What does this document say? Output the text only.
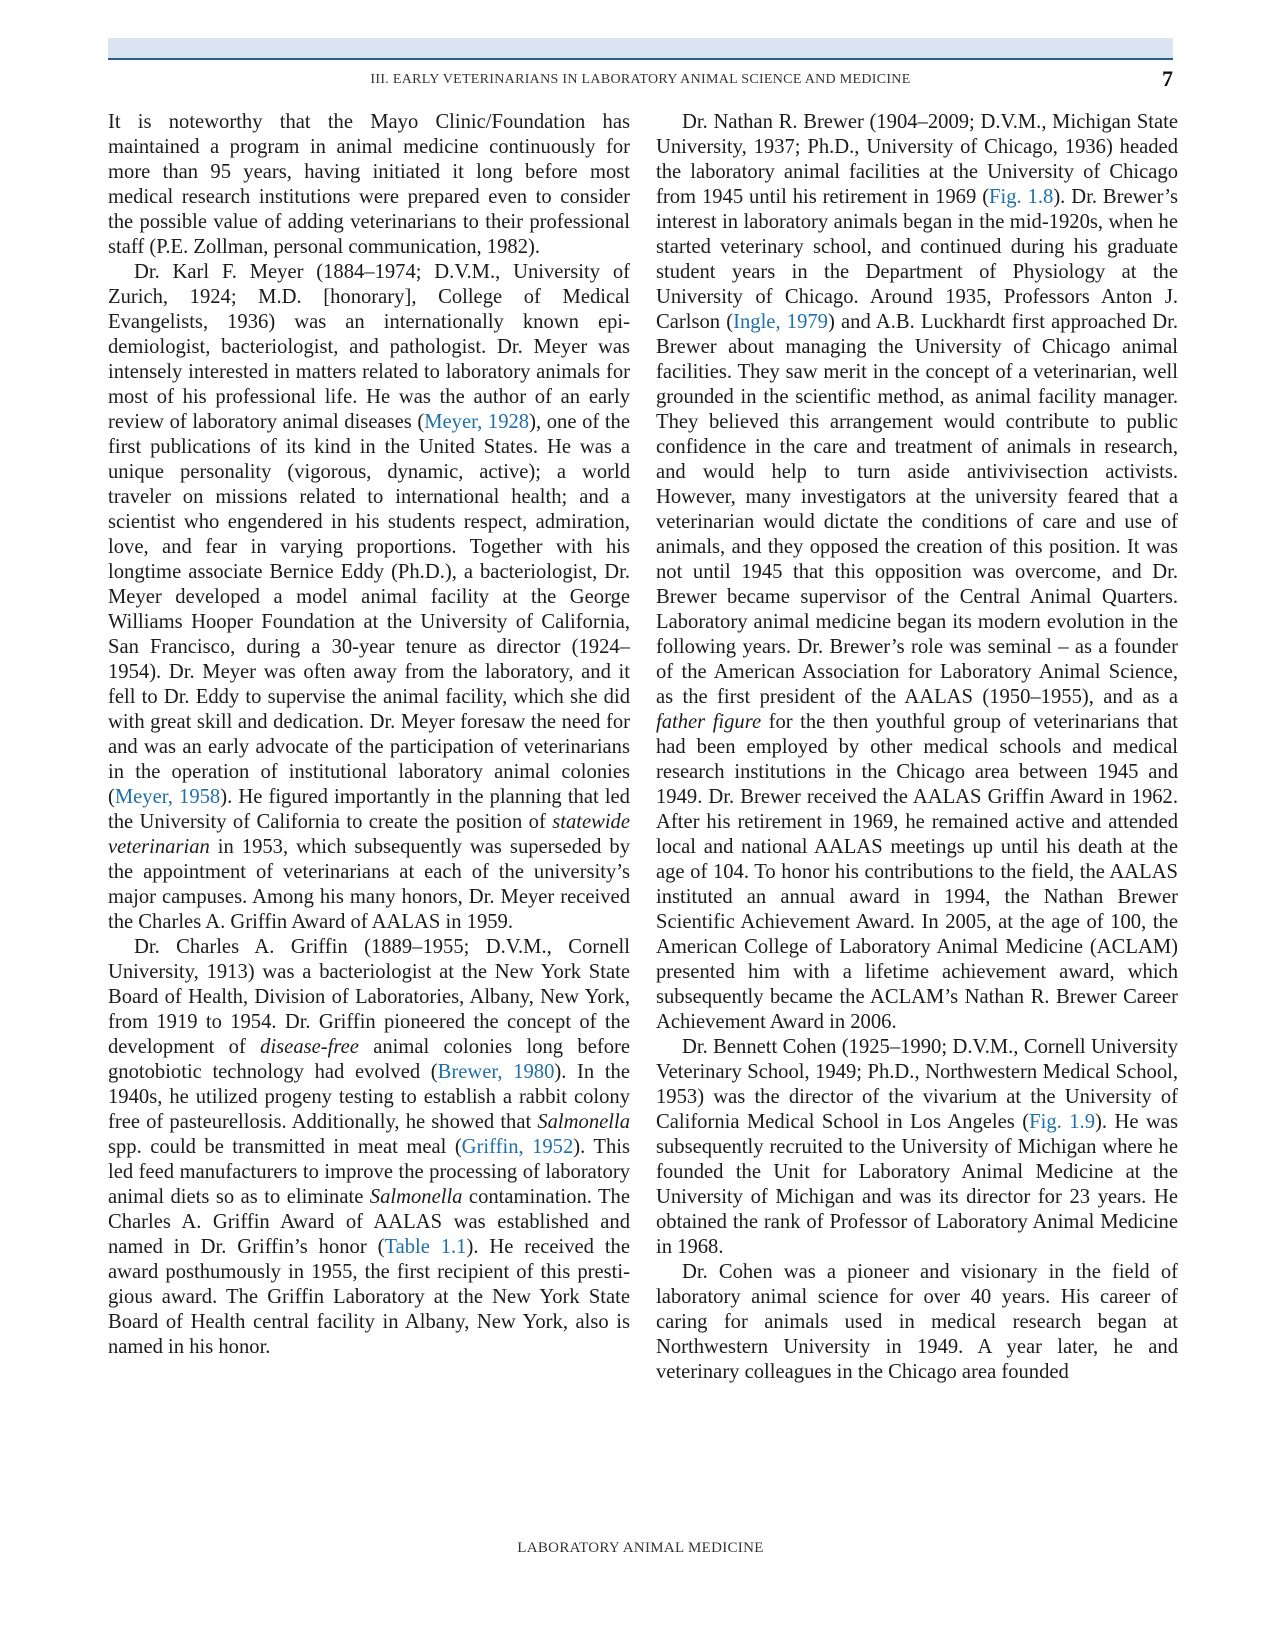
III. EARLY VETERINARIANS IN LABORATORY ANIMAL SCIENCE AND MEDICINE	7

It is noteworthy that the Mayo Clinic/Foundation has maintained a program in animal medicine continuously for more than 95 years, having initiated it long before most medical research institutions were prepared even to consider the possible value of adding veterinarians to their professional staff (P.E. Zollman, personal communication, 1982).

Dr. Karl F. Meyer (1884–1974; D.V.M., University of Zurich, 1924; M.D. [honorary], College of Medical Evangelists, 1936) was an internationally known epidemiologist, bacteriologist, and pathologist. Dr. Meyer was intensely interested in matters related to laboratory animals for most of his professional life. He was the author of an early review of laboratory animal diseases (Meyer, 1928), one of the first publications of its kind in the United States. He was a unique personality (vigorous, dynamic, active); a world traveler on missions related to international health; and a scientist who engendered in his students respect, admiration, love, and fear in varying proportions. Together with his longtime associate Bernice Eddy (Ph.D.), a bacteriologist, Dr. Meyer developed a model animal facility at the George Williams Hooper Foundation at the University of California, San Francisco, during a 30-year tenure as director (1924–1954). Dr. Meyer was often away from the laboratory, and it fell to Dr. Eddy to supervise the animal facility, which she did with great skill and dedication. Dr. Meyer foresaw the need for and was an early advocate of the participation of veterinarians in the operation of institutional laboratory animal colonies (Meyer, 1958). He figured importantly in the planning that led the University of California to create the position of statewide veterinarian in 1953, which subsequently was superseded by the appointment of veterinarians at each of the university’s major campuses. Among his many honors, Dr. Meyer received the Charles A. Griffin Award of AALAS in 1959.

Dr. Charles A. Griffin (1889–1955; D.V.M., Cornell University, 1913) was a bacteriologist at the New York State Board of Health, Division of Laboratories, Albany, New York, from 1919 to 1954. Dr. Griffin pioneered the concept of the development of disease-free animal colonies long before gnotobiotic technology had evolved (Brewer, 1980). In the 1940s, he utilized progeny testing to establish a rabbit colony free of pasteurellosis. Additionally, he showed that Salmonella spp. could be transmitted in meat meal (Griffin, 1952). This led feed manufacturers to improve the processing of laboratory animal diets so as to eliminate Salmonella contamination. The Charles A. Griffin Award of AALAS was established and named in Dr. Griffin’s honor (Table 1.1). He received the award posthumously in 1955, the first recipient of this prestigious award. The Griffin Laboratory at the New York State Board of Health central facility in Albany, New York, also is named in his honor.

Dr. Nathan R. Brewer (1904–2009; D.V.M., Michigan State University, 1937; Ph.D., University of Chicago, 1936) headed the laboratory animal facilities at the University of Chicago from 1945 until his retirement in 1969 (Fig. 1.8). Dr. Brewer’s interest in laboratory animals began in the mid-1920s, when he started veterinary school, and continued during his graduate student years in the Department of Physiology at the University of Chicago. Around 1935, Professors Anton J. Carlson (Ingle, 1979) and A.B. Luckhardt first approached Dr. Brewer about managing the University of Chicago animal facilities. They saw merit in the concept of a veterinarian, well grounded in the scientific method, as animal facility manager. They believed this arrangement would contribute to public confidence in the care and treatment of animals in research, and would help to turn aside antivivisection activists. However, many investigators at the university feared that a veterinarian would dictate the conditions of care and use of animals, and they opposed the creation of this position. It was not until 1945 that this opposition was overcome, and Dr. Brewer became supervisor of the Central Animal Quarters. Laboratory animal medicine began its modern evolution in the following years. Dr. Brewer’s role was seminal – as a founder of the American Association for Laboratory Animal Science, as the first president of the AALAS (1950–1955), and as a father figure for the then youthful group of veterinarians that had been employed by other medical schools and medical research institutions in the Chicago area between 1945 and 1949. Dr. Brewer received the AALAS Griffin Award in 1962. After his retirement in 1969, he remained active and attended local and national AALAS meetings up until his death at the age of 104. To honor his contributions to the field, the AALAS instituted an annual award in 1994, the Nathan Brewer Scientific Achievement Award. In 2005, at the age of 100, the American College of Laboratory Animal Medicine (ACLAM) presented him with a lifetime achievement award, which subsequently became the ACLAM’s Nathan R. Brewer Career Achievement Award in 2006.

Dr. Bennett Cohen (1925–1990; D.V.M., Cornell University Veterinary School, 1949; Ph.D., Northwestern Medical School, 1953) was the director of the vivarium at the University of California Medical School in Los Angeles (Fig. 1.9). He was subsequently recruited to the University of Michigan where he founded the Unit for Laboratory Animal Medicine at the University of Michigan and was its director for 23 years. He obtained the rank of Professor of Laboratory Animal Medicine in 1968.

Dr. Cohen was a pioneer and visionary in the field of laboratory animal science for over 40 years. His career of caring for animals used in medical research began at Northwestern University in 1949. A year later, he and veterinary colleagues in the Chicago area founded

LABORATORY ANIMAL MEDICINE
